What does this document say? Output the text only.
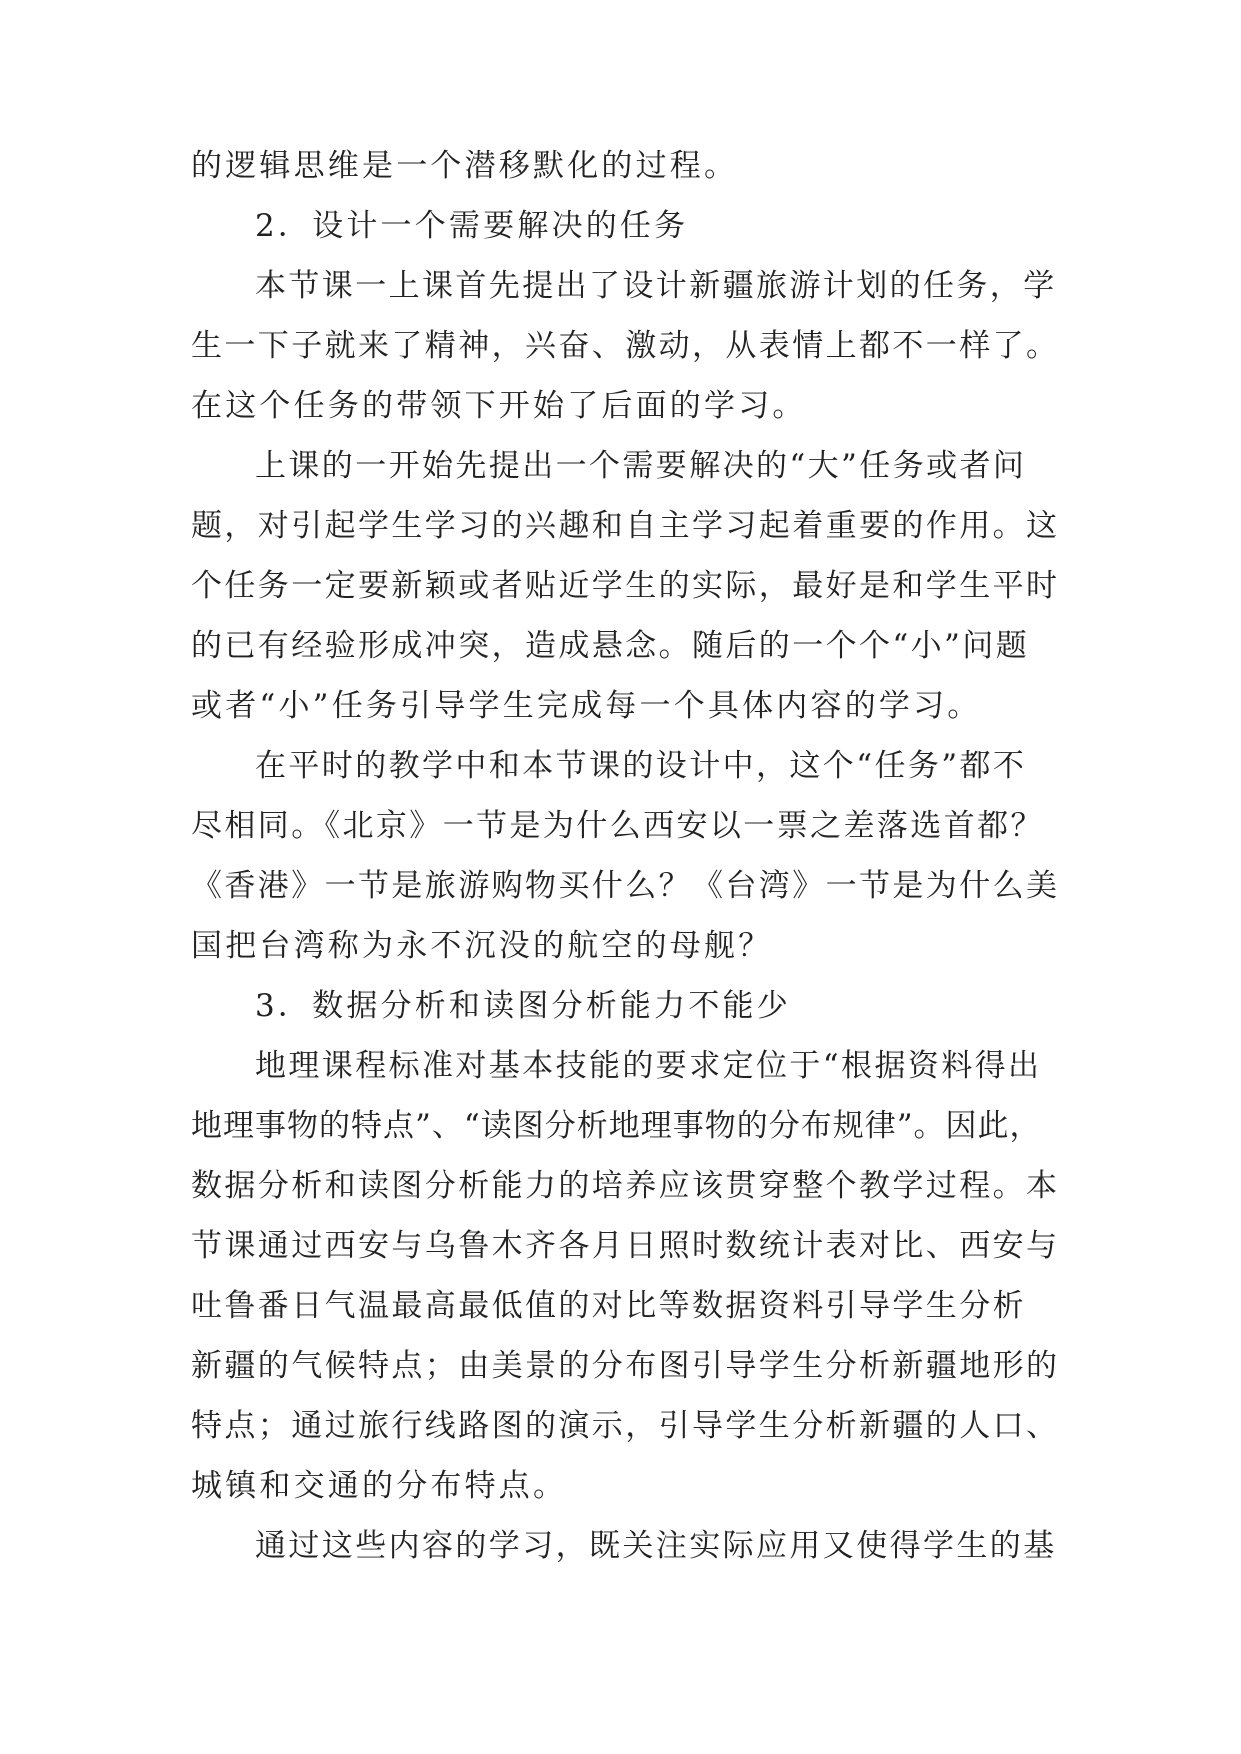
的逻辑思维是一个潜移默化的过程。

2．设计一个需要解决的任务

本节课一上课首先提出了设计新疆旅游计划的任务，学

生一下子就来了精神，兴奋、激动，从表情上都不一样了。

在这个任务的带领下开始了后面的学习。

上课的一开始先提出一个需要解决的“大”任务或者问

题，对引起学生学习的兴趣和自主学习起着重要的作用。这

个任务一定要新颖或者贴近学生的实际，最好是和学生平时

的已有经验形成冲突，造成悬念。随后的一个个“小”问题

或者“小”任务引导学生完成每一个具体内容的学习。

在平时的教学中和本节课的设计中，这个“任务”都不

尽相同。《北京》一节是为什么西安以一票之差落选首都？

《香港》一节是旅游购物买什么？《台湾》一节是为什么美

国把台湾称为永不沉没的航空的母舰？

3．数据分析和读图分析能力不能少

地理课程标准对基本技能的要求定位于“根据资料得出

地理事物的特点”、“读图分析地理事物的分布规律”。因此，

数据分析和读图分析能力的培养应该贯穿整个教学过程。本

节课通过西安与乌鲁木齐各月日照时数统计表对比、西安与

吐鲁番日气温最高最低值的对比等数据资料引导学生分析

新疆的气候特点；由美景的分布图引导学生分析新疆地形的

特点；通过旅行线路图的演示，引导学生分析新疆的人口、

城镇和交通的分布特点。

通过这些内容的学习，既关注实际应用又使得学生的基
